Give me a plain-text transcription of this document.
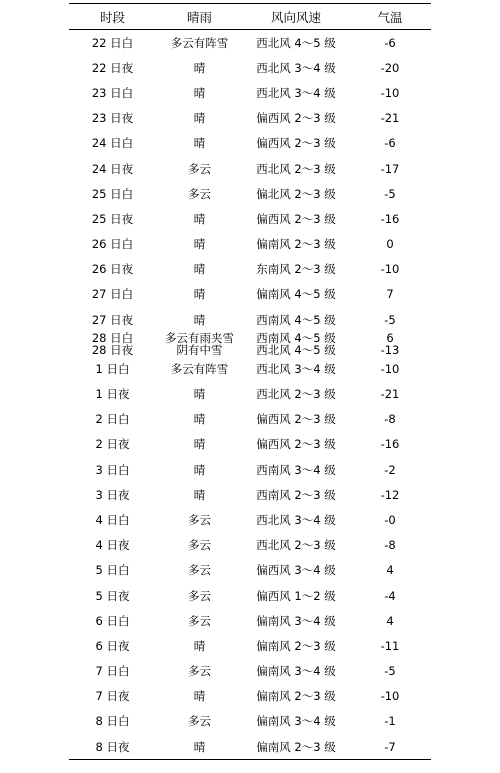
时段	晴雨	风向风速	气温
22 日白	多云有阵雪	西北风 4～5 级	-6
22 日夜	晴	西北风 3～4 级	-20
23 日白	晴	西北风 3～4 级	-10
23 日夜	晴	偏西风 2～3 级	-21
24 日白	晴	偏西风 2～3 级	-6
24 日夜	多云	西北风 2～3 级	-17
25 日白	多云	偏北风 2～3 级	-5
25 日夜	晴	偏西风 2～3 级	-16
26 日白	晴	偏南风 2～3 级	0
26 日夜	晴	东南风 2～3 级	-10
27 日白	晴	偏南风 4～5 级	7
27 日夜	晴	西南风 4～5 级	-5
28 日白	多云有雨夹雪	西南风 4～5 级	6
28 日夜	阴有中雪	西北风 4～5 级	-13
1 日白	多云有阵雪	西北风 3～4 级	-10
1 日夜	晴	西北风 2～3 级	-21
2 日白	晴	偏西风 2～3 级	-8
2 日夜	晴	偏西风 2～3 级	-16
3 日白	晴	西南风 3～4 级	-2
3 日夜	晴	西南风 2～3 级	-12
4 日白	多云	西北风 3～4 级	-0
4 日夜	多云	西北风 2～3 级	-8
5 日白	多云	偏西风 3～4 级	4
5 日夜	多云	偏西风 1～2 级	-4
6 日白	多云	偏南风 3～4 级	4
6 日夜	晴	偏南风 2～3 级	-11
7 日白	多云	偏南风 3～4 级	-5
7 日夜	晴	偏南风 2～3 级	-10
8 日白	多云	偏南风 3～4 级	-1
8 日夜	晴	偏南风 2～3 级	-7
